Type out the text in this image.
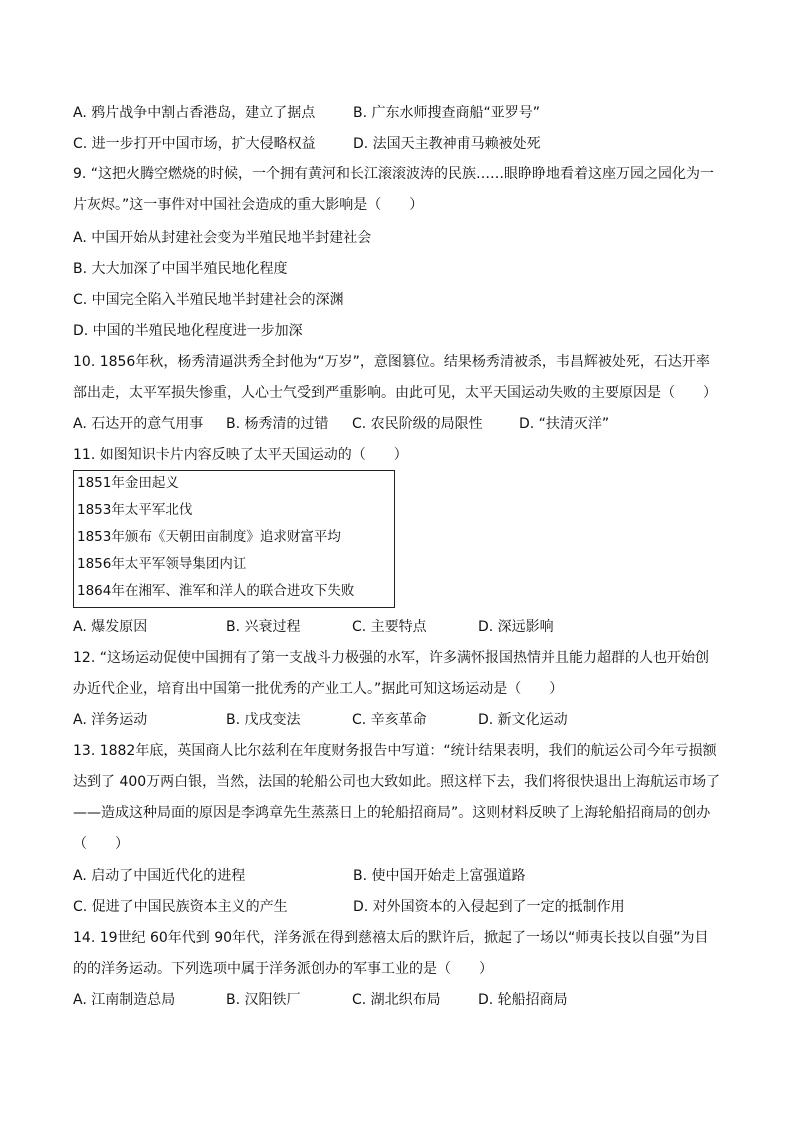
A. 鸦片战争中割占香港岛，建立了据点	B. 广东水师搜查商船“亚罗号”
C. 进一步打开中国市场，扩大侵略权益	D. 法国天主教神甫马赖被处死
9. “这把火腾空燃烧的时候，一个拥有黄河和长江滚滚波涛的民族……眼睁睁地看着这座万园之园化为一
片灰烬。”这一事件对中国社会造成的重大影响是（　　）
A. 中国开始从封建社会变为半殖民地半封建社会
B. 大大加深了中国半殖民地化程度
C. 中国完全陷入半殖民地半封建社会的深渊
D. 中国的半殖民地化程度进一步加深
10. 1856年秋，杨秀清逼洪秀全封他为“万岁”，意图篡位。结果杨秀清被杀，韦昌辉被处死，石达开率
部出走，太平军损失惨重，人心士气受到严重影响。由此可见，太平天国运动失败的主要原因是（　　）
A. 石达开的意气用事 B. 杨秀清的过错 C. 农民阶级的局限性	D. “扶清灭洋”
11. 如图知识卡片内容反映了太平天国运动的（　　）
1851年金田起义
1853年太平军北伐
1853年颁布《天朝田亩制度》追求财富平均
1856年太平军领导集团内讧
1864年在湘军、淮军和洋人的联合进攻下失败
A. 爆发原因	B. 兴衰过程	C. 主要特点	D. 深远影响
12. “这场运动促使中国拥有了第一支战斗力极强的水军，许多满怀报国热情并且能力超群的人也开始创
办近代企业，培育出中国第一批优秀的产业工人。”据此可知这场运动是（　　）
A. 洋务运动	B. 戊戌变法	C. 辛亥革命	D. 新文化运动
13. 1882年底，英国商人比尔兹利在年度财务报告中写道：“统计结果表明，我们的航运公司今年亏损额
达到了 400万两白银，当然，法国的轮船公司也大致如此。照这样下去，我们将很快退出上海航运市场了
——造成这种局面的原因是李鸿章先生蒸蒸日上的轮船招商局”。这则材料反映了上海轮船招商局的创办
（　　）
A. 启动了中国近代化的进程	B. 使中国开始走上富强道路
C. 促进了中国民族资本主义的产生	D. 对外国资本的入侵起到了一定的抵制作用
14. 19世纪 60年代到 90年代，洋务派在得到慈禧太后的默许后，掀起了一场以“师夷长技以自强”为目
的的洋务运动。下列选项中属于洋务派创办的军事工业的是（　　）
A. 江南制造总局	B. 汉阳铁厂	C. 湖北织布局	D. 轮船招商局
